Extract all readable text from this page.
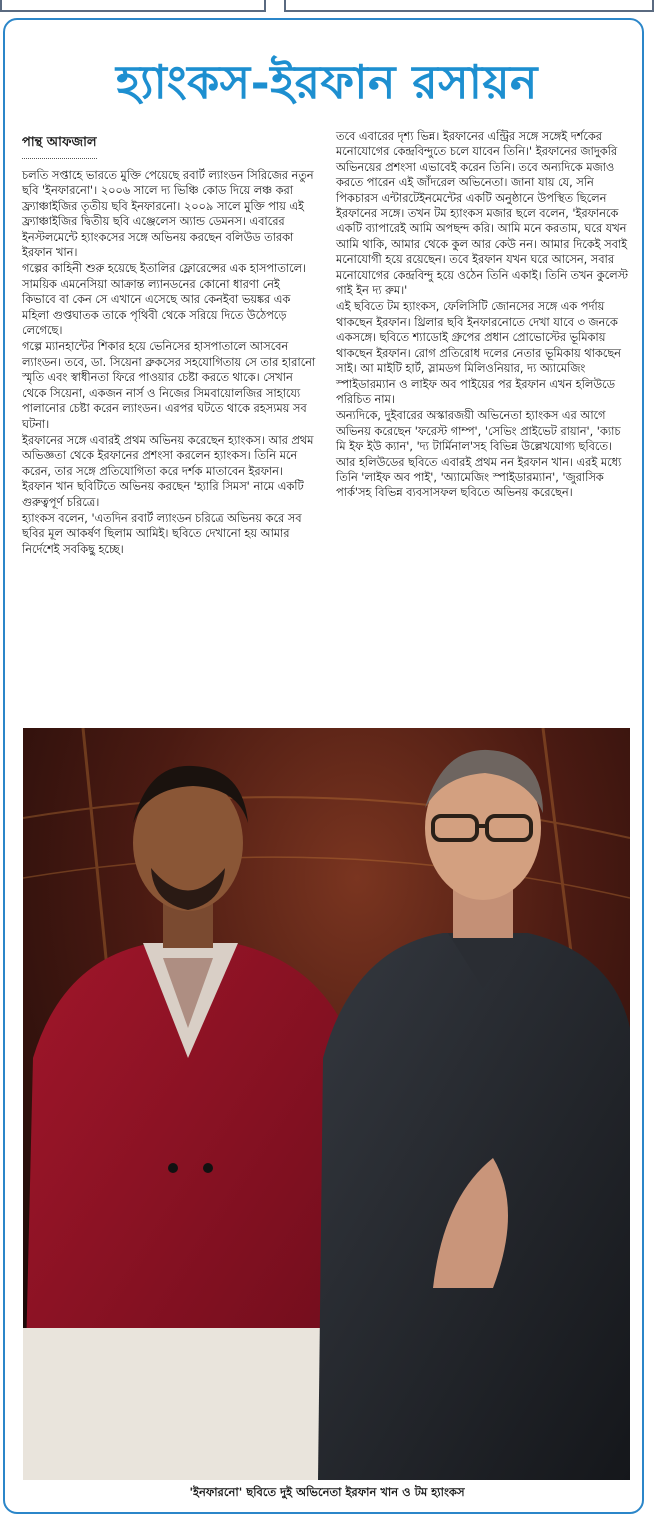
হ্যাংকস-ইরফান রসায়ন
পান্থ আফজাল

চলতি সপ্তাহে ভারতে মুক্তি পেয়েছে রবার্ট ল্যাংডন সিরিজের নতুন ছবি 'ইনফারনো'। ২০০৬ সালে দ্য ভিঞ্চি কোড দিয়ে লঞ্চ করা ফ্র্যাঞ্চাইজির তৃতীয় ছবি ইনফারনো। ২০০৯ সালে মুক্তি পায় এই ফ্র্যাঞ্চাইজির দ্বিতীয় ছবি এঞ্জেলেস অ্যান্ড ডেমনস। এবারের ইনস্টলমেন্টে হ্যাংকসের সঙ্গে অভিনয় করছেন বলিউড তারকা ইরফান খান।

গল্পের কাহিনী শুরু হয়েছে ইতালির ফ্লোরেন্সের এক হাসপাতালে। সাময়িক এমনেসিয়া আক্রান্ত ল্যানডনের কোনো ধারণা নেই কিভাবে বা কেন সে এখানে এসেছে আর কেনইবা ভয়ঙ্কর এক মহিলা গুপ্তঘাতক তাকে পৃথিবী থেকে সরিয়ে দিতে উঠেপড়ে লেগেছে।

গল্পে ম্যানহান্টের শিকার হয়ে ভেনিসের হাসপাতালে আসবেন ল্যাংডন। তবে, ডা. সিয়েনা ব্রুকসের সহযোগিতায় সে তার হারানো স্মৃতি এবং স্বাধীনতা ফিরে পাওয়ার চেষ্টা করতে থাকে। সেখান থেকে সিয়েনা, একজন নার্স ও নিজের সিমবায়োলজির সাহায্যে পালানোর চেষ্টা করেন ল্যাংডন। এরপর ঘটতে থাকে রহস্যময় সব ঘটনা।

ইরফানের সঙ্গে এবারই প্রথম অভিনয় করেছেন হ্যাংকস। আর প্রথম অভিজ্ঞতা থেকে ইরফানের প্রশংসা করলেন হ্যাংকস। তিনি মনে করেন, তার সঙ্গে প্রতিযোগিতা করে দর্শক মাতাবেন ইরফান। ইরফান খান ছবিটিতে অভিনয় করছেন 'হ্যারি সিমস' নামে একটি গুরুত্বপূর্ণ চরিত্রে।

হ্যাংকস বলেন, 'এতদিন রবার্ট ল্যাংডন চরিত্রে অভিনয় করে সব ছবির মূল আকর্ষণ ছিলাম আমিই। ছবিতে দেখানো হয় আমার নির্দেশেই সবকিছু হচ্ছে।

তবে এবারের দৃশ্য ভিন্ন। ইরফানের এন্ট্রির সঙ্গে সঙ্গেই দর্শকের মনোযোগের কেন্দ্রবিন্দুতে চলে যাবেন তিনি।' ইরফানের জাদুকরি অভিনয়ের প্রশংসা এভাবেই করেন তিনি। তবে অন্যদিকে মজাও করতে পারেন এই জাঁদরেল অভিনেতা। জানা যায় যে, সনি পিকচারস এন্টারটেইনমেন্টের একটি অনুষ্ঠানে উপস্থিত ছিলেন ইরফানের সঙ্গে। তখন টম হ্যাংকস মজার ছলে বলেন, 'ইরফানকে একটি ব্যাপারেই আমি অপছন্দ করি। আমি মনে করতাম, ঘরে যখন আমি থাকি, আমার থেকে কুল আর কেউ নন। আমার দিকেই সবাই মনোযোগী হয়ে রয়েছেন। তবে ইরফান যখন ঘরে আসেন, সবার মনোযোগের কেন্দ্রবিন্দু হয়ে ওঠেন তিনি একাই। তিনি তখন কুলেস্ট গাই ইন দ্য রুম।'

এই ছবিতে টম হ্যাংকস, ফেলিসিটি জোনসের সঙ্গে এক পর্দায় থাকছেন ইরফান। থ্রিলার ছবি ইনফারনোতে দেখা যাবে ৩ জনকে একসঙ্গে। ছবিতে শ্যাডোই গ্রুপের প্রধান প্রোভোস্টের ভূমিকায় থাকছেন ইরফান। রোগ প্রতিরোধ দলের নেতার ভূমিকায় থাকছেন সাই। আ মাইটি হার্ট, স্লামডগ মিলিওনিয়ার, দ্য অ্যামেজিং স্পাইডারম্যান ও লাইফ অব পাইয়ের পর ইরফান এখন হলিউডে পরিচিত নাম।

অন্যদিকে, দুইবারের অস্কারজয়ী অভিনেতা হ্যাংকস এর আগে অভিনয় করেছেন 'ফরেস্ট গাম্প', 'সেভিং প্রাইভেট রায়ান', 'ক্যাচ মি ইফ ইউ ক্যান', 'দ্য টার্মিনাল'সহ বিভিন্ন উল্লেখযোগ্য ছবিতে। আর হলিউডের ছবিতে এবারই প্রথম নন ইরফান খান। এরই মধ্যে তিনি 'লাইফ অব পাই', 'অ্যামেজিং স্পাইডারম্যান', 'জুরাসিক পার্ক'সহ বিভিন্ন ব্যবসাসফল ছবিতে অভিনয় করেছেন।

'ইনফারনো' ছবিতে দুই অভিনেতা ইরফান খান ও টম হ্যাংকস
